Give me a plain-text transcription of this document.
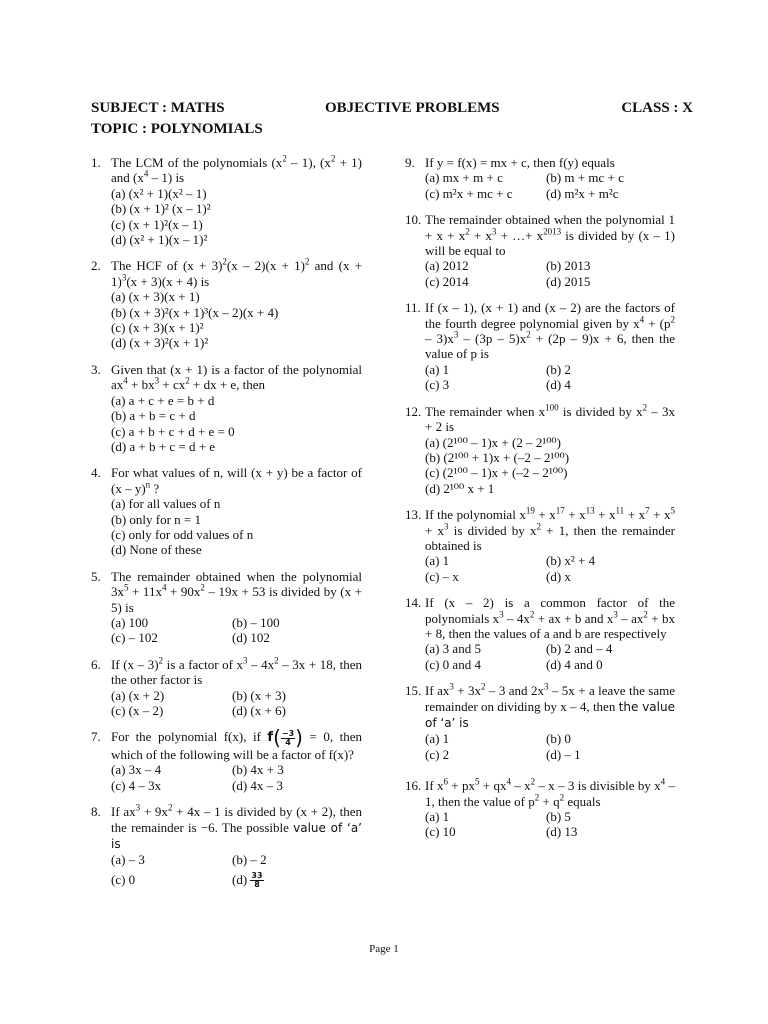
SUBJECT : MATHS	OBJECTIVE PROBLEMS	CLASS : X
TOPIC : POLYNOMIALS
1. The LCM of the polynomials $(x^2 - 1)$, $(x^2 + 1)$ and $(x^4 - 1)$ is
(a) (x² + 1)(x² – 1)
(b) (x + 1)² (x – 1)²
(c) (x + 1)²(x – 1)
(d) (x² + 1)(x – 1)²
2. The HCF of $(x + 3)^2(x - 2)(x + 1)^2$ and $(x + 1)^3(x + 3)(x + 4)$ is
(a) (x + 3)(x + 1)
(b) (x + 3)²(x + 1)³(x – 2)(x + 4)
(c) (x + 3)(x + 1)²
(d) (x + 3)²(x + 1)²
3. Given that (x + 1) is a factor of the polynomial $ax^4 + bx^3 + cx^2$ + dx + e, then
(a) a + c + e = b + d
(b) a + b = c + d
(c) a + b + c + d + e = 0
(d) a + b + c = d + e
4. For what values of n, will (x + y) be a factor of (x – y)$^n$ ?
(a) for all values of n
(b) only for n = 1
(c) only for odd values of n
(d) None of these
5. The remainder obtained when the polynomial $3x^5 + 11x^4 + 90x^2 - 19x + 53$ is divided by (x + 5) is
(a) 100	(b) – 100
(c) – 102	(d) 102
6. If (x – 3)$^2$ is a factor of $x^3 - 4x^2 - 3x + 18$, then the other factor is
(a) (x + 2)	(b) (x + 3)
(c) (x – 2)	(d) (x + 6)
7. For the polynomial f(x), if $f( \frac{-3}{4}$ ) = 0, then which of the following will be a factor of f(x)?
(a) 3x – 4	(b) 4x + 3
(c) 4 – 3x	(d) 4x – 3
8. If $ax^3 + 9x^2 + 4x - 1$ is divided by (x + 2), then the remainder is −6. The possible value of ‘a’ is
(a) – 3	(b) – 2
(c) 0	$(d) \frac{33}{8}$
9. If y = f(x) = mx + c, then f(y) equals
(a) mx + m + c	(b) m + mc + c
(c) m²x + mc + c	(d) m²x + m²c
10. The remainder obtained when the polynomial $1 + x + x^2 + x^3$ + …+ $x^{2013}$ is divided by (x – 1) will be equal to
(a) 2012	(b) 2013
(c) 2014	(d) 2015
11. If (x – 1), (x + 1) and (x – 2) are the factors of the fourth degree polynomial given by $x^4 + (p^2 - 3)x^3 - (3p - 5)x^2 + (2p - 9)x + 6$, then the value of p is
(a) 1	(b) 2
(c) 3	(d) 4
12. The remainder when $x^{100}$ is divided by $x^2 - 3x + 2$ is
(a) (2¹⁰⁰ – 1)x + (2 – 2¹⁰⁰)
(b) (2¹⁰⁰ + 1)x + (–2 – 2¹⁰⁰)
(c) (2¹⁰⁰ – 1)x + (–2 – 2¹⁰⁰)
(d) 2¹⁰⁰ x + 1
13. If the polynomial $x^{19} + x^{17} + x^{13} + x^{11} + x^7 + x^5 + x^3$ is divided by $x^2 + 1$, then the remainder obtained is
(a) 1	(b) x² + 4
(c) – x	(d) x
14. If (x – 2) is a common factor of the polynomials $x^3 - 4x^2$ + ax + b and $x^3 - ax^2$ + bx + 8, then the values of a and b are respectively
(a) 3 and 5	(b) 2 and – 4
(c) 0 and 4	(d) 4 and 0
15. If $ax^3 + 3x^2 - 3$ and $2x^3 - 5x + a$ leave the same remainder on dividing by x – 4, then the value of ‘a’ is
(a) 1	(b) 0
(c) 2	(d) – 1
16. If $x^6 + px^5 + qx^4 - x^2 - x - 3$ is divisible by $x^4 - 1$, then the value of $p^2 + q^2$ equals
(a) 1	(b) 5
(c) 10	(d) 13
Page 1
